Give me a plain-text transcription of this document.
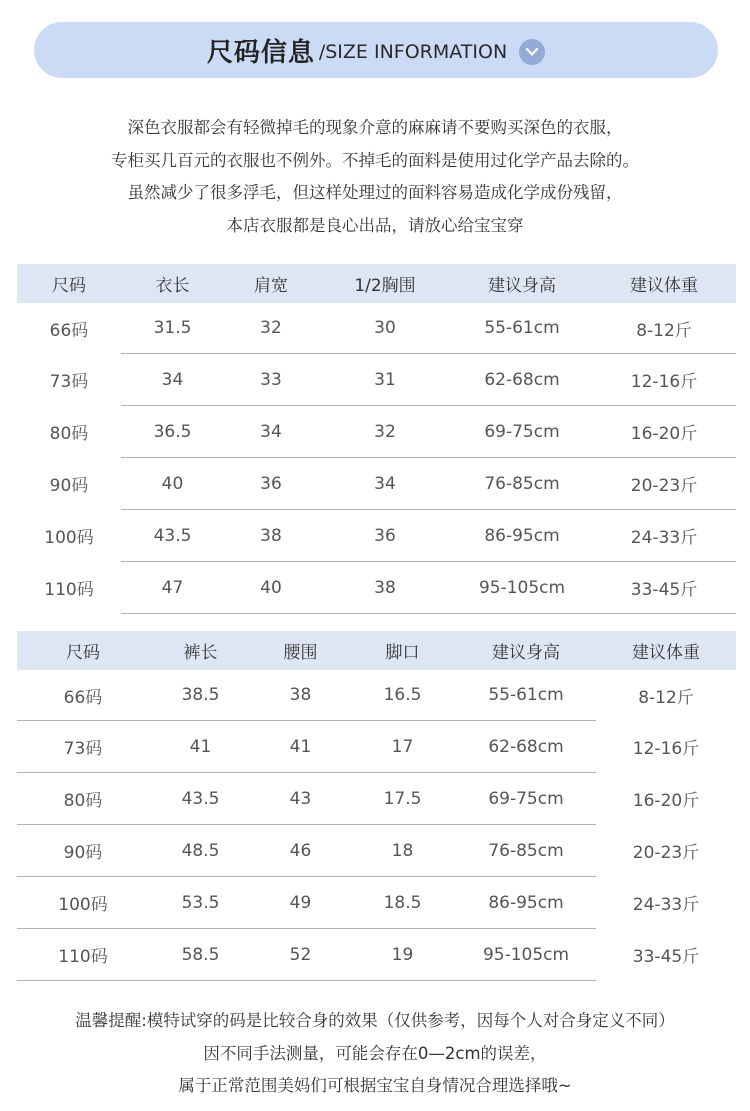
尺码信息 /SIZE INFORMATION

深色衣服都会有轻微掉毛的现象介意的麻麻请不要购买深色的衣服，

专柜买几百元的衣服也不例外。不掉毛的面料是使用过化学产品去除的。

虽然减少了很多浮毛，但这样处理过的面料容易造成化学成份残留，

本店衣服都是良心出品，请放心给宝宝穿

尺码	衣长	肩宽	1/2胸围	建议身高	建议体重
66码	31.5	32	30	55-61cm	8-12斤
73码	34	33	31	62-68cm	12-16斤
80码	36.5	34	32	69-75cm	16-20斤
90码	40	36	34	76-85cm	20-23斤
100码	43.5	38	36	86-95cm	24-33斤
110码	47	40	38	95-105cm	33-45斤
尺码	裤长	腰围	脚口	建议身高	建议体重
66码	38.5	38	16.5	55-61cm	8-12斤
73码	41	41	17	62-68cm	12-16斤
80码	43.5	43	17.5	69-75cm	16-20斤
90码	48.5	46	18	76-85cm	20-23斤
100码	53.5	49	18.5	86-95cm	24-33斤
110码	58.5	52	19	95-105cm	33-45斤

温馨提醒:模特试穿的码是比较合身的效果（仅供参考，因每个人对合身定义不同）

因不同手法测量，可能会存在0—2cm的误差，

属于正常范围美妈们可根据宝宝自身情况合理选择哦~
